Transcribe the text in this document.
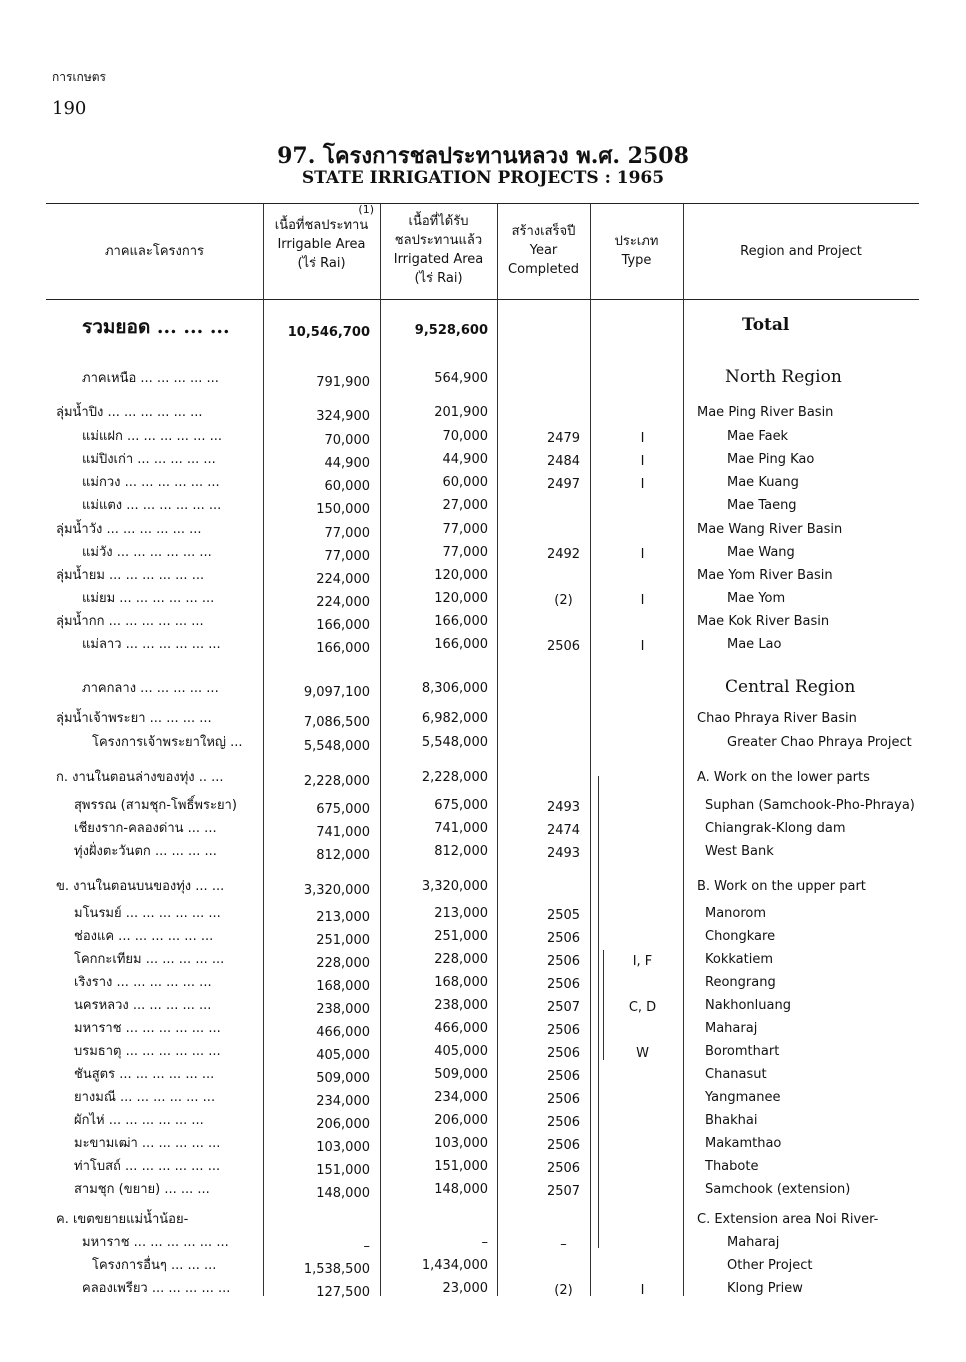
การเกษตร
190
97. โครงการชลประทานหลวง พ.ศ. 2508
STATE IRRIGATION PROJECTS : 1965
ภาคและโครงการ
(1)
เนื้อที่ชลประทาน
Irrigable Area
(ไร่ Rai)
เนื้อที่ได้รับ
ชลประทานแล้ว
Irrigated Area
(ไร่ Rai)
สร้างเสร็จปี
Year
Completed
ประเภท
Type
Region and Project
รวมยอด ... ... ...	10,546,700	9,528,600	Total
ภาคเหนือ ... ... ... ... ...	791,900	564,900	North Region
ลุ่มน้ำปิง ... ... ... ... ... ...	324,900	201,900	Mae Ping River Basin
แม่แฝก ... ... ... ... ... ...	70,000	70,000	2479	I	Mae Faek
แม่ปิงเก่า ... ... ... ... ...	44,900	44,900	2484	I	Mae Ping Kao
แม่กวง ... ... ... ... ... ...	60,000	60,000	2497	I	Mae Kuang
แม่แตง ... ... ... ... ... ...	150,000	27,000	Mae Taeng
ลุ่มน้ำวัง ... ... ... ... ... ...	77,000	77,000	Mae Wang River Basin
แม่วัง ... ... ... ... ... ...	77,000	77,000	2492	I	Mae Wang
ลุ่มน้ำยม ... ... ... ... ... ...	224,000	120,000	Mae Yom River Basin
แม่ยม ... ... ... ... ... ...	224,000	120,000	(2)	I	Mae Yom
ลุ่มน้ำกก ... ... ... ... ... ...	166,000	166,000	Mae Kok River Basin
แม่ลาว ... ... ... ... ... ...	166,000	166,000	2506	I	Mae Lao
ภาคกลาง ... ... ... ... ...	9,097,100	8,306,000	Central Region
ลุ่มน้ำเจ้าพระยา ... ... ... ...	7,086,500	6,982,000	Chao Phraya River Basin
โครงการเจ้าพระยาใหญ่ ...	5,548,000	5,548,000	Greater Chao Phraya Project
ก. งานในตอนล่างของทุ่ง .. ...	2,228,000	2,228,000	A. Work on the lower parts
สุพรรณ (สามชุก-โพธิ์พระยา)	675,000	675,000	2493	Suphan (Samchook-Pho-Phraya)
เชียงราก-คลองด่าน ... ...	741,000	741,000	2474	Chiangrak-Klong dam
ทุ่งฝั่งตะวันตก ... ... ... ...	812,000	812,000	2493	West Bank
ข. งานในตอนบนของทุ่ง ... ...	3,320,000	3,320,000	B. Work on the upper part
มโนรมย์ ... ... ... ... ... ...	213,000	213,000	2505	Manorom
ช่องแค ... ... ... ... ... ...	251,000	251,000	2506	Chongkare
โคกกะเทียม ... ... ... ... ...	228,000	228,000	2506	I, F	Kokkatiem
เริงราง ... ... ... ... ... ...	168,000	168,000	2506	Reongrang
นครหลวง ... ... ... ... ...	238,000	238,000	2507	C, D	Nakhonluang
มหาราช ... ... ... ... ... ...	466,000	466,000	2506	Maharaj
บรมธาตุ ... ... ... ... ... ...	405,000	405,000	2506	W	Boromthart
ชันสูตร ... ... ... ... ... ...	509,000	509,000	2506	Chanasut
ยางมณี ... ... ... ... ... ...	234,000	234,000	2506	Yangmanee
ผักไห่ ... ... ... ... ... ...	206,000	206,000	2506	Bhakhai
มะขามเฒ่า ... ... ... ... ...	103,000	103,000	2506	Makamthao
ท่าโบสถ์ ... ... ... ... ... ...	151,000	151,000	2506	Thabote
สามชุก (ขยาย) ... ... ...	148,000	148,000	2507	Samchook (extension)
ค. เขตขยายแม่น้ำน้อย-	C. Extension area Noi River-
มหาราช ... ... ... ... ... ...	–	–	–	Maharaj
โครงการอื่นๆ ... ... ...	1,538,500	1,434,000	Other Project
คลองเพรียว ... ... ... ... ...	127,500	23,000	(2)	I	Klong Priew
